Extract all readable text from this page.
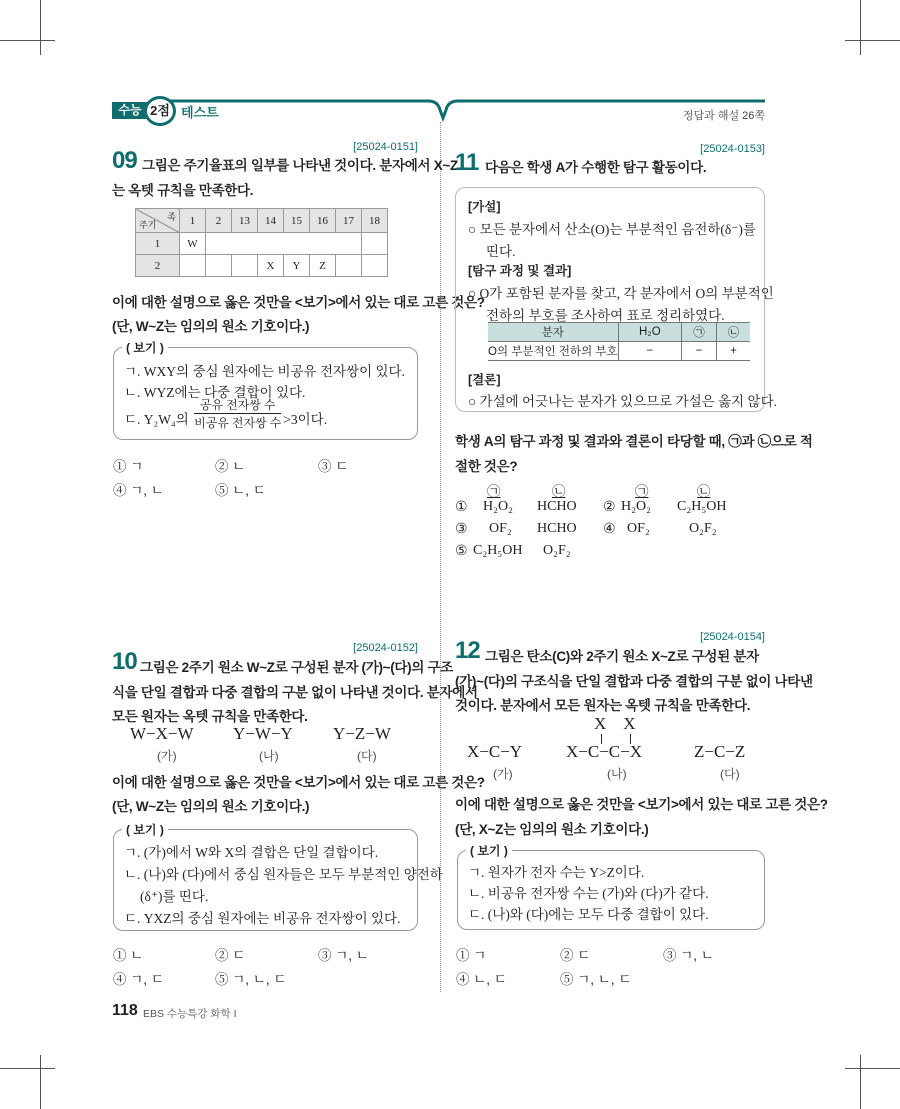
수능 2점 테스트	정답과 해설 26쪽
[25024-0151]
09 그림은 주기율표의 일부를 나타낸 것이다. 분자에서 X~Z
는 옥텟 규칙을 만족한다.
족
주기	1	2	13	14	15	16	17	18
1	W							
2				X	Y	Z		
이에 대한 설명으로 옳은 것만을 <보기>에서 있는 대로 고른 것은?
(단, W~Z는 임의의 원소 기호이다.)
( 보기 )
ㄱ. WXY의 중심 원자에는 비공유 전자쌍이 있다.
ㄴ. WYZ에는 다중 결합이 있다.
ㄷ. Y₂W₄의
공유 전자쌍 수
비공유 전자쌍 수 >3이다.
① ㄱ	② ㄴ	③ ㄷ
④ ㄱ, ㄴ	⑤ ㄴ, ㄷ
[25024-0152]
10 그림은 2주기 원소 W~Z로 구성된 분자 (가)~(다)의 구조
식을 단일 결합과 다중 결합의 구분 없이 나타낸 것이다. 분자에서
모든 원자는 옥텟 규칙을 만족한다.
W−X−W
(가)
Y−W−Y
(나)
Y−Z−W
(다)
이에 대한 설명으로 옳은 것만을 <보기>에서 있는 대로 고른 것은?
(단, W~Z는 임의의 원소 기호이다.)
( 보기 )
ㄱ. (가)에서 W와 X의 결합은 단일 결합이다.
ㄴ. (나)와 (다)에서 중심 원자들은 모두 부분적인 양전하
(δ⁺)를 띤다.
ㄷ. YXZ의 중심 원자에는 비공유 전자쌍이 있다.
① ㄴ	② ㄷ	③ ㄱ, ㄴ
④ ㄱ, ㄷ	⑤ ㄱ, ㄴ, ㄷ
118 EBS 수능특강 화학 I
[25024-0153]
11 다음은 학생 A가 수행한 탐구 활동이다.
[가설]
○ 모든 분자에서 산소(O)는 부분적인 음전하(δ⁻)를
띤다.
[탐구 과정 및 결과]
○ O가 포함된 분자를 찾고, 각 분자에서 O의 부분적인
전하의 부호를 조사하여 표로 정리하였다.
분자	H₂O	㉠	㉡
O의 부분적인 전하의 부호	−	−	+
[결론]
○ 가설에 어긋나는 분자가 있으므로 가설은 옳지 않다.
학생 A의 탐구 과정 및 결과와 결론이 타당할 때, ㉠과 ㉡으로 적
절한 것은?
㉠	㉡	㉠	㉡
① H₂O₂ HCHO ② H₂O₂ C₂H₅OH
③ OF₂ HCHO ④ OF₂	O₂F₂
⑤ C₂H₅OH O₂F₂
[25024-0154]
12 그림은 탄소(C)와 2주기 원소 X~Z로 구성된 분자
(가)~(다)의 구조식을 단일 결합과 다중 결합의 구분 없이 나타낸
것이다. 분자에서 모든 원자는 옥텟 규칙을 만족한다.
X−C−Y
(가)
X    X
X−C−C−X
(나)
Z−C−Z
(다)
이에 대한 설명으로 옳은 것만을 <보기>에서 있는 대로 고른 것은?
(단, X~Z는 임의의 원소 기호이다.)
( 보기 )
ㄱ. 원자가 전자 수는 Y>Z이다.
ㄴ. 비공유 전자쌍 수는 (가)와 (다)가 같다.
ㄷ. (나)와 (다)에는 모두 다중 결합이 있다.
① ㄱ	② ㄷ	③ ㄱ, ㄴ
④ ㄴ, ㄷ	⑤ ㄱ, ㄴ, ㄷ
